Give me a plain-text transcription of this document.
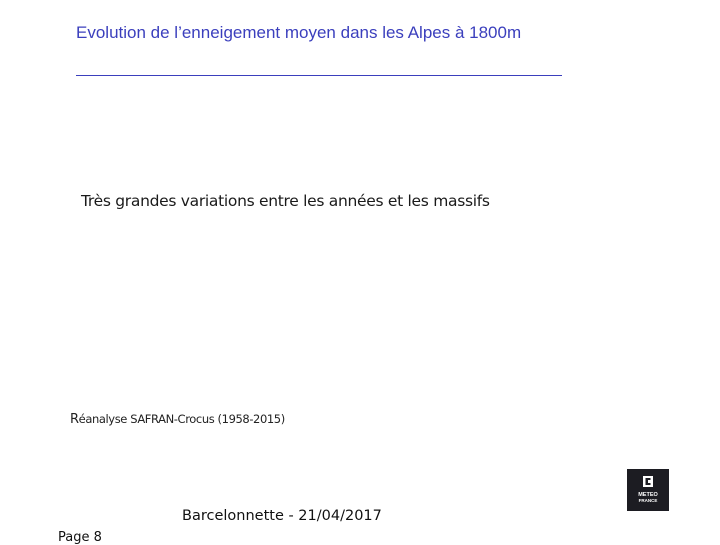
Evolution de l’enneigement moyen dans les Alpes à 1800m
Très grandes variations entre les années et les massifs
Réanalyse SAFRAN-Crocus (1958-2015)
METEO
FRANCE
Barcelonnette - 21/04/2017
Page 8
